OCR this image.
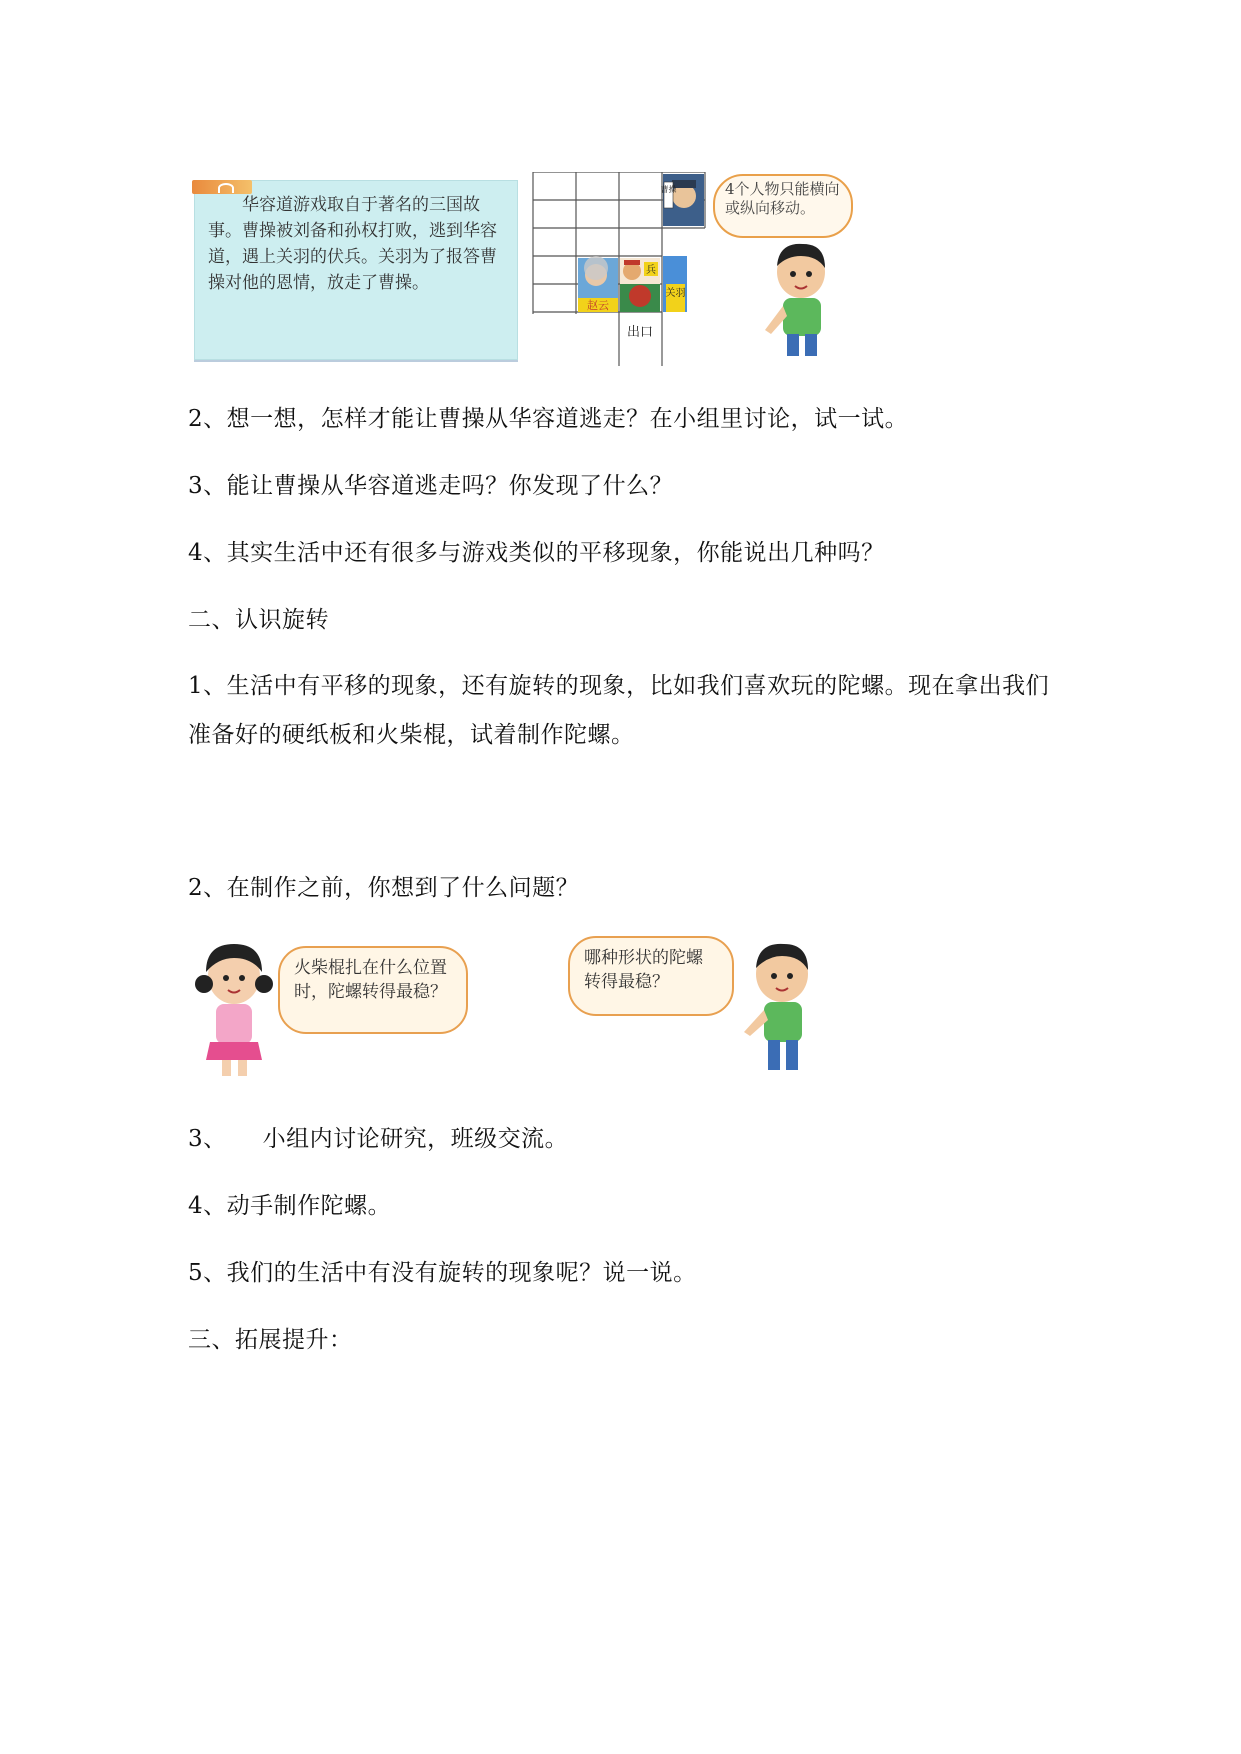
华容道游戏取自于著名的三国故事。曹操被刘备和孙权打败，逃到华容道，遇上关羽的伏兵。关羽为了报答曹操对他的恩情，放走了曹操。
曹操
赵云
兵
关羽
出口
4个人物只能横向或纵向移动。
2、想一想，怎样才能让曹操从华容道逃走？在小组里讨论，试一试。
3、能让曹操从华容道逃走吗？你发现了什么？
4、其实生活中还有很多与游戏类似的平移现象，你能说出几种吗？
二、认识旋转
1、生活中有平移的现象，还有旋转的现象，比如我们喜欢玩的陀螺。现在拿出我们准备好的硬纸板和火柴棍，试着制作陀螺。
2、在制作之前，你想到了什么问题？
火柴棍扎在什么位置时，陀螺转得最稳？
哪种形状的陀螺转得最稳？
3、 小组内讨论研究，班级交流。
4、动手制作陀螺。
5、我们的生活中有没有旋转的现象呢？说一说。
三、拓展提升：
